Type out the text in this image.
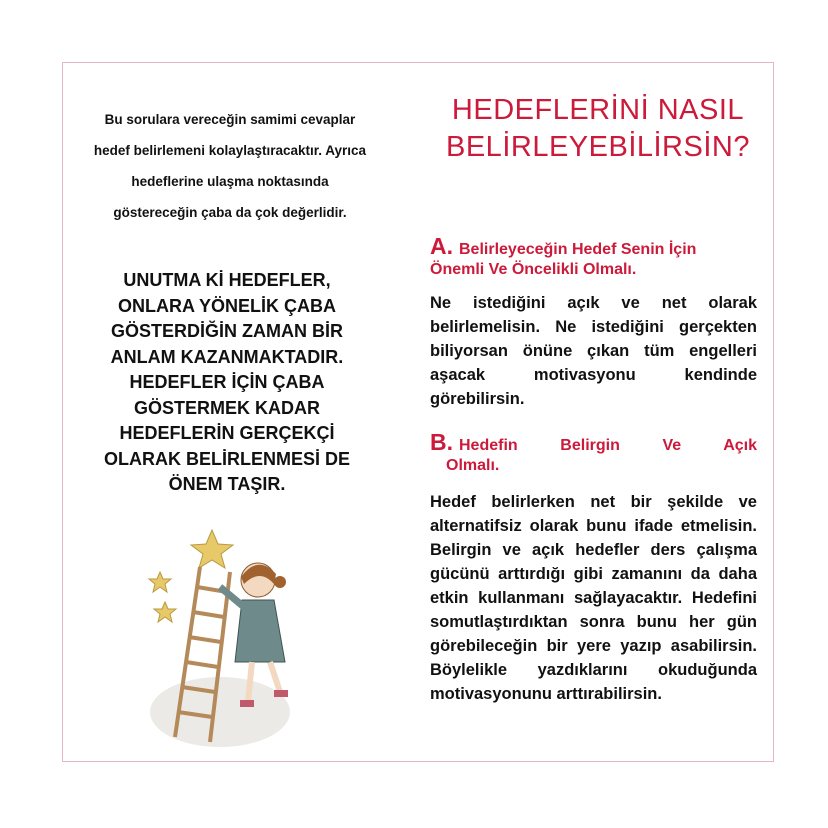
Bu sorulara vereceğin samimi cevaplar
hedef belirlemeni kolaylaştıracaktır. Ayrıca
hedeflerine ulaşma noktasında
göstereceğin çaba da çok değerlidir.
UNUTMA Kİ HEDEFLER,
ONLARA YÖNELİK ÇABA
GÖSTERDİĞİN ZAMAN BİR
ANLAM KAZANMAKTADIR.
HEDEFLER İÇİN ÇABA
GÖSTERMEK KADAR
HEDEFLERİN GERÇEKÇİ
OLARAK BELİRLENMESİ DE
ÖNEM TAŞIR.
HEDEFLERİNİ NASIL
BELİRLEYEBİLİRSİN?
A. Belirleyeceğin Hedef Senin İçin
Önemli Ve Öncelikli Olmalı.
Ne istediğini açık ve net olarak belirlemelisin. Ne istediğini gerçekten biliyorsan önüne çıkan tüm engelleri aşacak motivasyonu kendinde görebilirsin.
B. Hedefin Belirgin Ve Açık
Olmalı.
Hedef belirlerken net bir şekilde ve alternatifsiz olarak bunu ifade etmelisin. Belirgin ve açık hedefler ders çalışma gücünü arttırdığı gibi zamanını da daha etkin kullanmanı sağlayacaktır. Hedefini somutlaştırdıktan sonra bunu her gün görebileceğin bir yere yazıp asabilirsin. Böylelikle yazdıklarını okuduğunda motivasyonunu arttırabilirsin.
